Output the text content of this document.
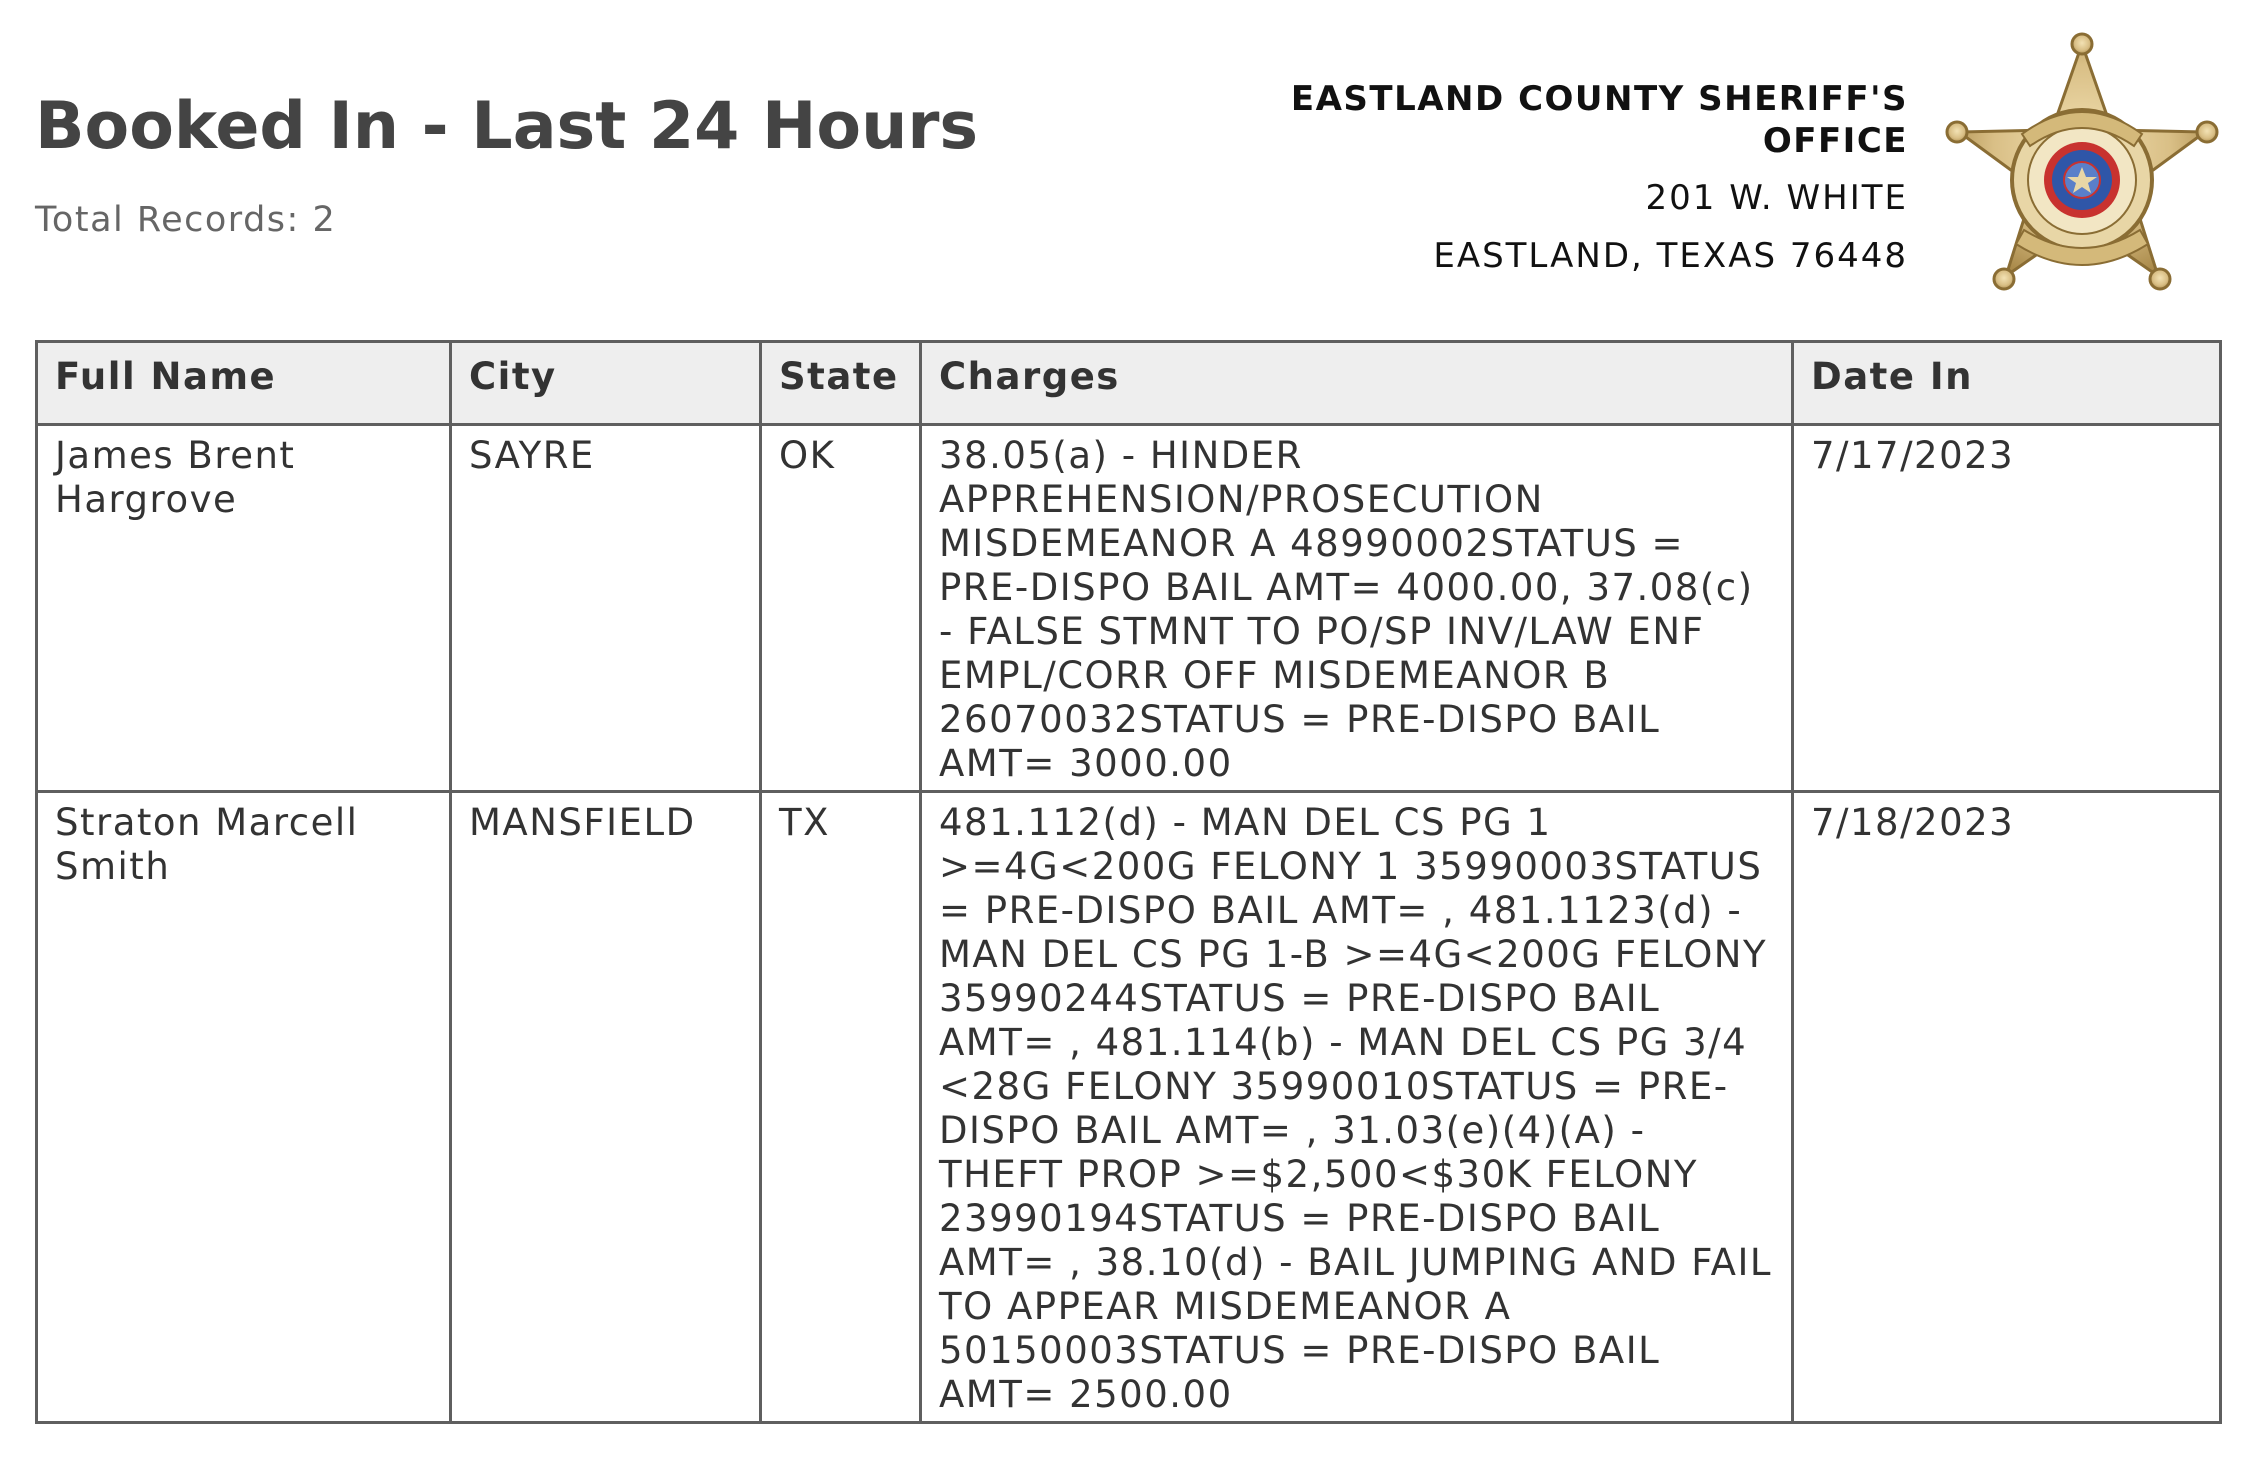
Booked In - Last 24 Hours
Total Records: 2
EASTLAND COUNTY SHERIFF'S
OFFICE
201 W. WHITE
EASTLAND, TEXAS 76448
Full Name	City	State	Charges	Date In
James Brent Hargrove	SAYRE	OK	38.05(a) - HINDER APPREHENSION/PROSECUTION MISDEMEANOR A 48990002STATUS = PRE-DISPO BAIL AMT= 4000.00, 37.08(c) - FALSE STMNT TO PO/SP INV/LAW ENF EMPL/CORR OFF MISDEMEANOR B 26070032STATUS = PRE-DISPO BAIL AMT= 3000.00	7/17/2023
Straton Marcell Smith	MANSFIELD	TX	481.112(d) - MAN DEL CS PG 1 >=4G<200G FELONY 1 35990003STATUS = PRE-DISPO BAIL AMT= , 481.1123(d) - MAN DEL CS PG 1-B >=4G<200G FELONY 35990244STATUS = PRE-DISPO BAIL AMT= , 481.114(b) - MAN DEL CS PG 3/4 <28G FELONY 35990010STATUS = PRE-DISPO BAIL AMT= , 31.03(e)(4)(A) - THEFT PROP >=$2,500<$30K FELONY 23990194STATUS = PRE-DISPO BAIL AMT= , 38.10(d) - BAIL JUMPING AND FAIL TO APPEAR MISDEMEANOR A 50150003STATUS = PRE-DISPO BAIL AMT= 2500.00	7/18/2023
